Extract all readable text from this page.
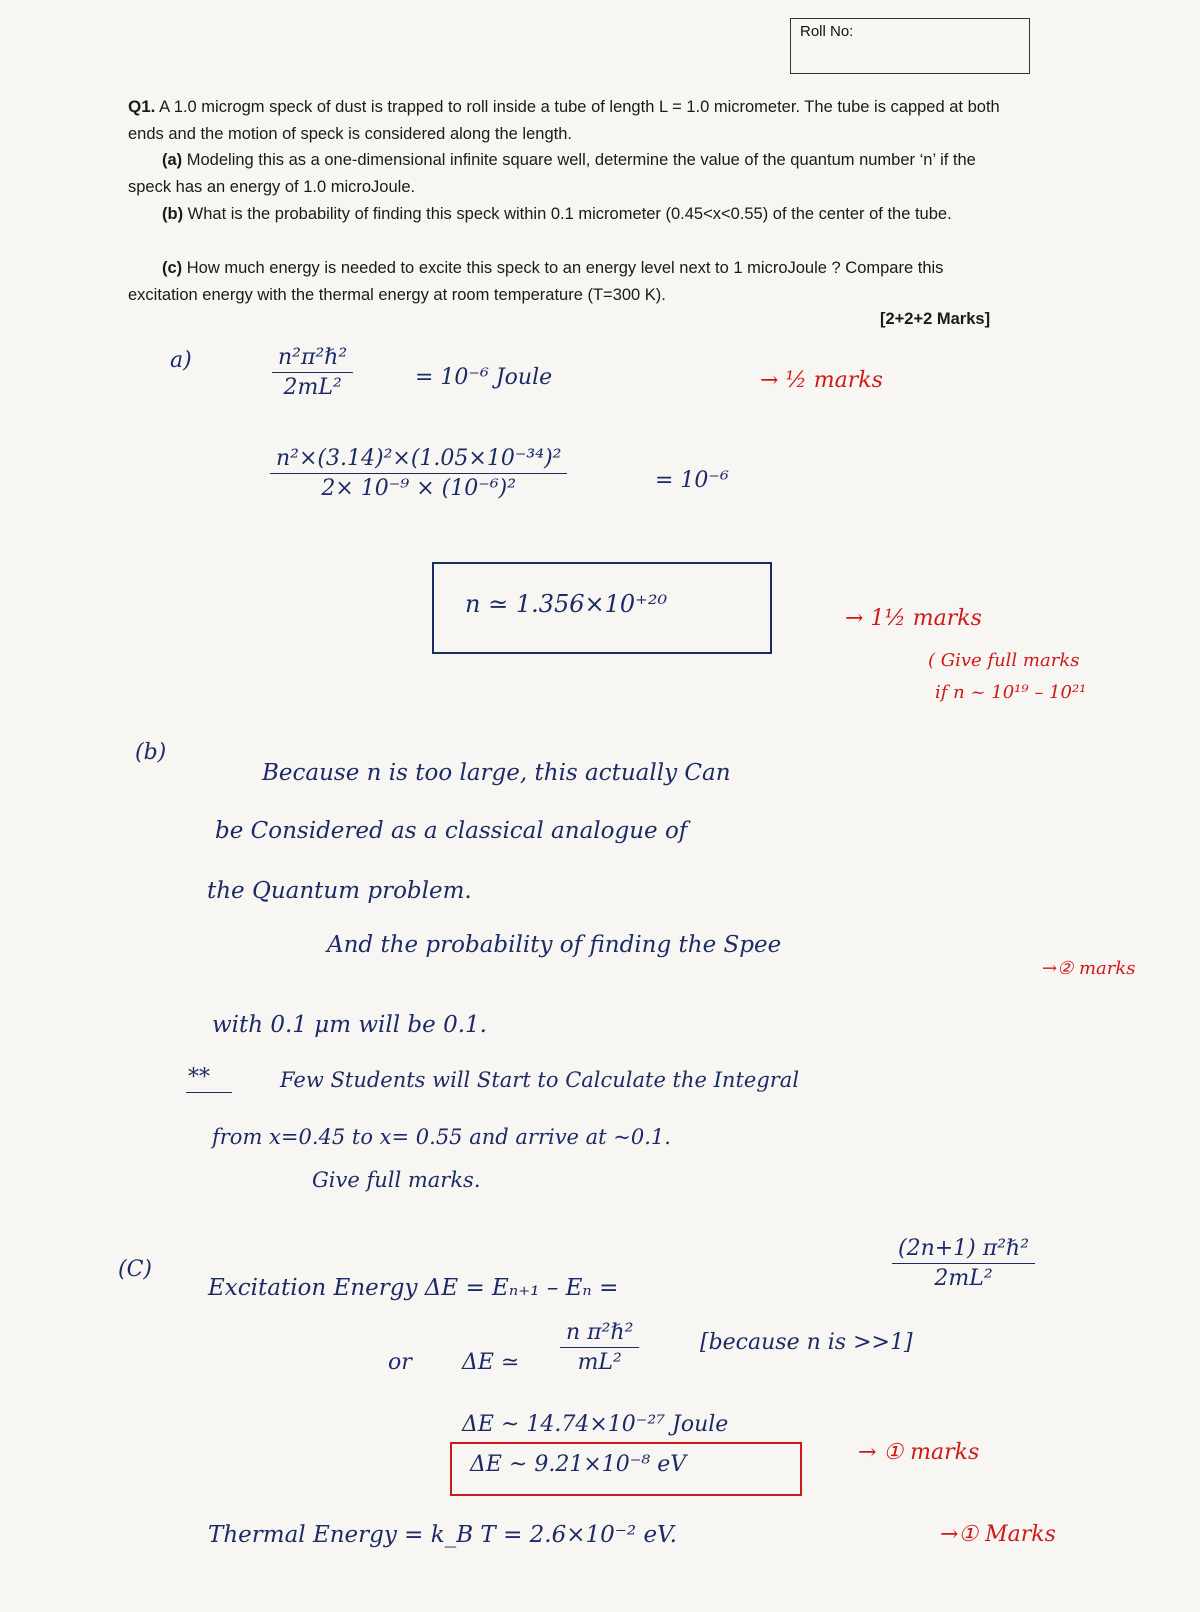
Roll No:
Q1. A 1.0 microgm speck of dust is trapped to roll inside a tube of length L = 1.0 micrometer. The tube is capped at both ends and the motion of speck is considered along the length.
(a) Modeling this as a one-dimensional infinite square well, determine the value of the quantum number ‘n’ if the speck has an energy of 1.0 microJoule.
(b) What is the probability of finding this speck within 0.1 micrometer (0.45<x<0.55) of the center of the tube.
(c) How much energy is needed to excite this speck to an energy level next to 1 microJoule ? Compare this excitation energy with the thermal energy at room temperature (T=300 K).
[2+2+2 Marks]
a)	n²π²ℏ²
2mL²	= 10⁻⁶ Joule	→ ½ marks
$\frac{\text{n²×(3.14)²×(1.05×10⁻³⁴)²}}{\text{2× 10⁻⁹ × (10⁻⁶)²}}$	= 10⁻⁶
n ≃ 1.356×10⁺²⁰
→ 1½ marks
( Give full marks
if n ~ 10¹⁹ – 10²¹
(b)
Because n is too large, this actually Can
be Considered as a classical analogue of
the Quantum problem.
And the probability of finding the Spee
with 0.1 μm will be 0.1.
→② marks
**	Few Students will Start to Calculate the Integral
from x=0.45 to x= 0.55 and arrive at ~0.1.
Give full marks.
(C)
Excitation Energy ΔE = Eₙ₊₁ – Eₙ =
(2n+1) π²ℏ²
2mL²
or ΔE ≃
n π²ℏ²
mL²
[because n is >>1]
ΔE ~ 14.74×10⁻²⁷ Joule
ΔE ~ 9.21×10⁻⁸ eV	→ ① marks
Thermal Energy = k_B T = 2.6×10⁻² eV.	→① Marks
